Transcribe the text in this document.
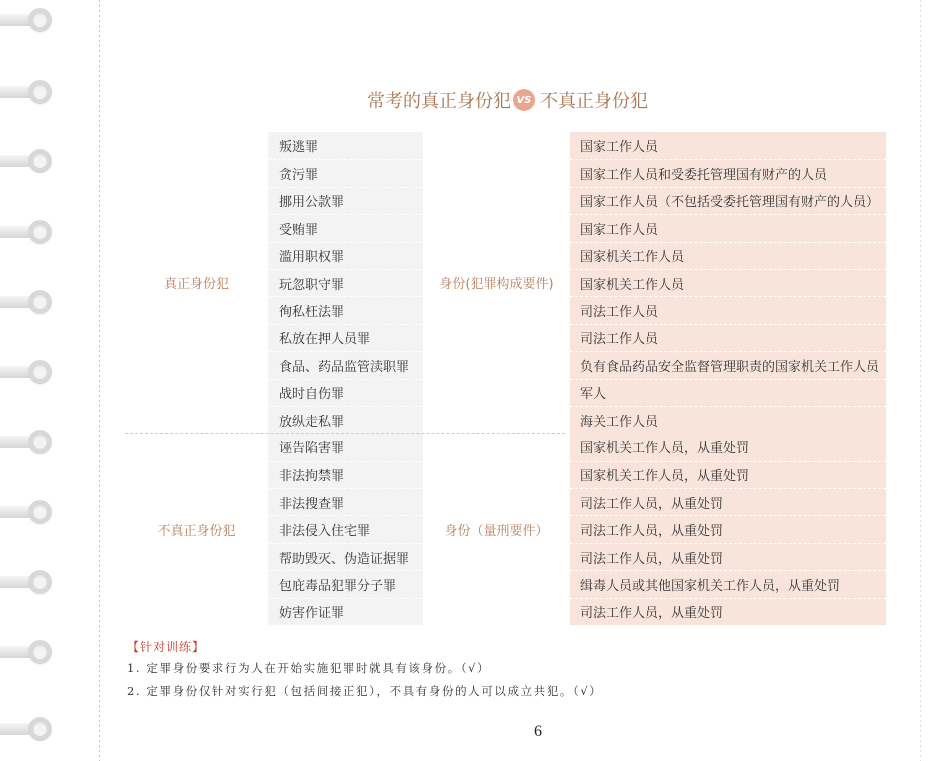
常考的真正身份犯 VS 不真正身份犯
真正身份犯
叛逃罪
贪污罪
挪用公款罪
受贿罪
滥用职权罪
玩忽职守罪
徇私枉法罪
私放在押人员罪
食品、药品监管渎职罪
战时自伤罪
放纵走私罪
身份(犯罪构成要件)
国家工作人员
国家工作人员和受委托管理国有财产的人员
国家工作人员（不包括受委托管理国有财产的人员）
国家工作人员
国家机关工作人员
国家机关工作人员
司法工作人员
司法工作人员
负有食品药品安全监督管理职责的国家机关工作人员
军人
海关工作人员
不真正身份犯
诬告陷害罪
非法拘禁罪
非法搜查罪
非法侵入住宅罪
帮助毁灭、伪造证据罪
包庇毒品犯罪分子罪
妨害作证罪
身份（量刑要件）
国家机关工作人员，从重处罚
国家机关工作人员，从重处罚
司法工作人员，从重处罚
司法工作人员，从重处罚
司法工作人员，从重处罚
缉毒人员或其他国家机关工作人员，从重处罚
司法工作人员，从重处罚
【针对训练】
1. 定罪身份要求行为人在开始实施犯罪时就具有该身份。（√）
2. 定罪身份仅针对实行犯（包括间接正犯），不具有身份的人可以成立共犯。（√）
6
